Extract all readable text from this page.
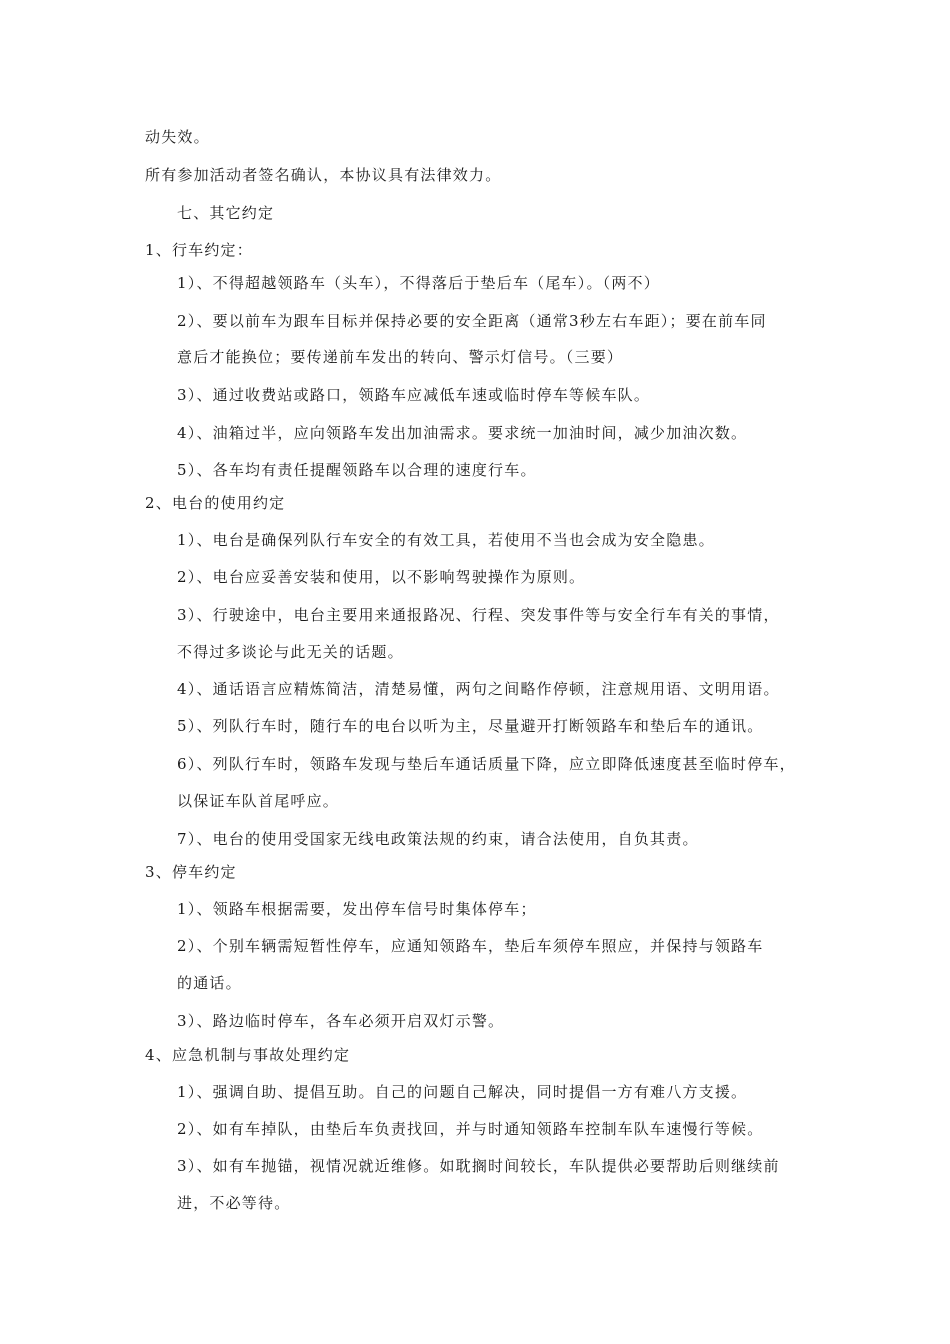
动失效。
所有参加活动者签名确认，本协议具有法律效力。
七、其它约定
1、行车约定：
1）、不得超越领路车（头车），不得落后于垫后车（尾车）。（两不）
2）、要以前车为跟车目标并保持必要的安全距离（通常3秒左右车距）；要在前车同
意后才能换位；要传递前车发出的转向、警示灯信号。（三要）
3）、通过收费站或路口，领路车应减低车速或临时停车等候车队。
4）、油箱过半，应向领路车发出加油需求。要求统一加油时间，减少加油次数。
5）、各车均有责任提醒领路车以合理的速度行车。
2、电台的使用约定
1）、电台是确保列队行车安全的有效工具，若使用不当也会成为安全隐患。
2）、电台应妥善安装和使用，以不影响驾驶操作为原则。
3）、行驶途中，电台主要用来通报路况、行程、突发事件等与安全行车有关的事情，
不得过多谈论与此无关的话题。
4）、通话语言应精炼简洁，清楚易懂，两句之间略作停顿，注意规用语、文明用语。
5）、列队行车时，随行车的电台以听为主，尽量避开打断领路车和垫后车的通讯。
6）、列队行车时，领路车发现与垫后车通话质量下降，应立即降低速度甚至临时停车，
以保证车队首尾呼应。
7）、电台的使用受国家无线电政策法规的约束，请合法使用，自负其责。
3、停车约定
1）、领路车根据需要，发出停车信号时集体停车；
2）、个别车辆需短暂性停车，应通知领路车，垫后车须停车照应，并保持与领路车
的通话。
3）、路边临时停车，各车必须开启双灯示警。
4、应急机制与事故处理约定
1）、强调自助、提倡互助。自己的问题自己解决，同时提倡一方有难八方支援。
2）、如有车掉队，由垫后车负责找回，并与时通知领路车控制车队车速慢行等候。
3）、如有车抛锚，视情况就近维修。如耽搁时间较长，车队提供必要帮助后则继续前
进，不必等待。
